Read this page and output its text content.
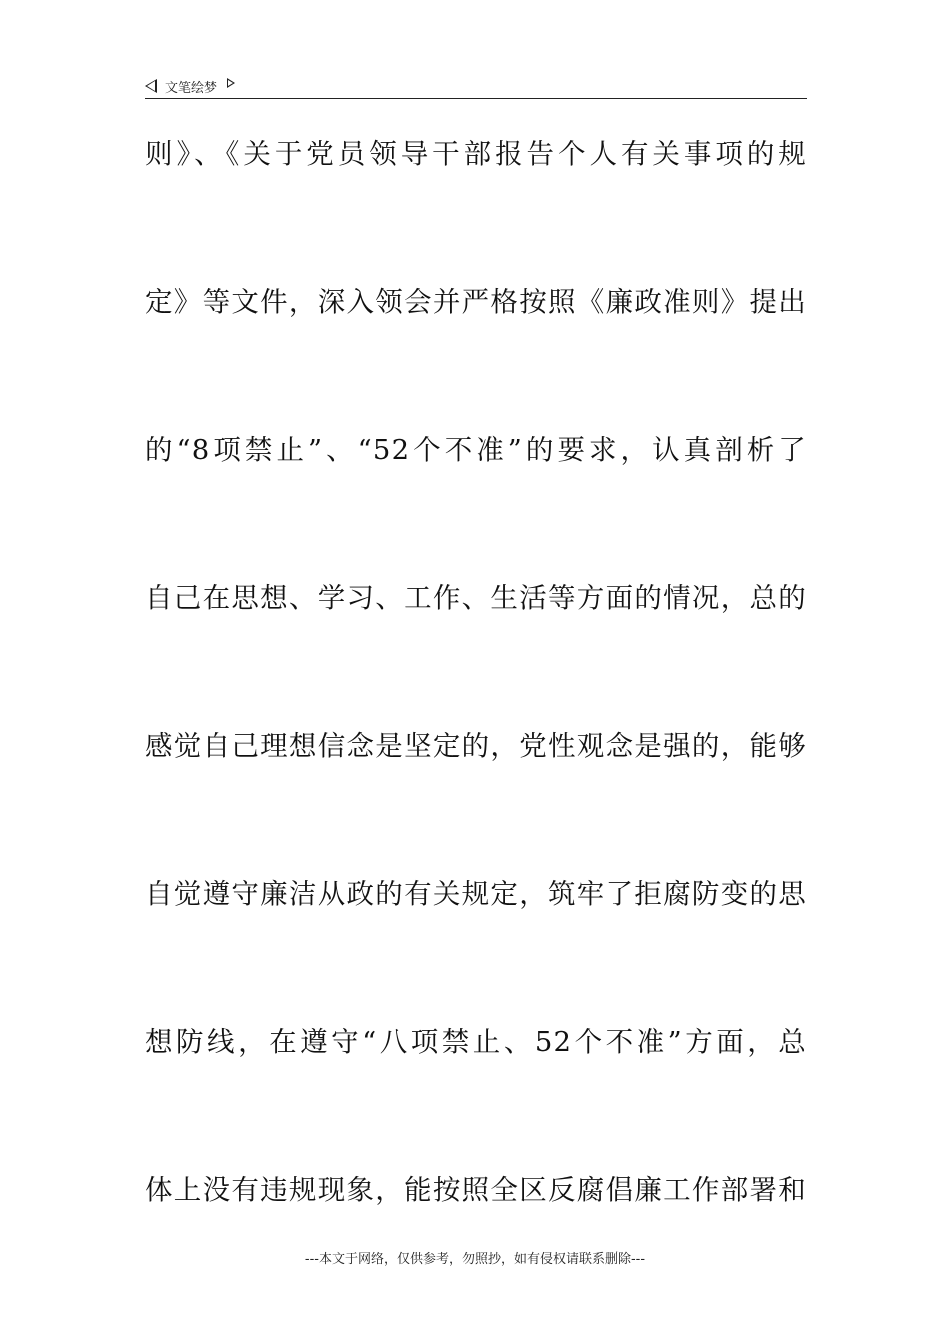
文笔绘梦
则》、《关于党员领导干部报告个人有关事项的规
定》等文件，深入领会并严格按照《廉政准则》提出
的“8项禁止”、“52个不准”的要求，认真剖析了
自己在思想、学习、工作、生活等方面的情况，总的
感觉自己理想信念是坚定的，党性观念是强的，能够
自觉遵守廉洁从政的有关规定，筑牢了拒腐防变的思
想防线，在遵守“八项禁止、52个不准”方面，总
体上没有违规现象，能按照全区反腐倡廉工作部署和
---本文于网络，仅供参考，勿照抄，如有侵权请联系删除---
